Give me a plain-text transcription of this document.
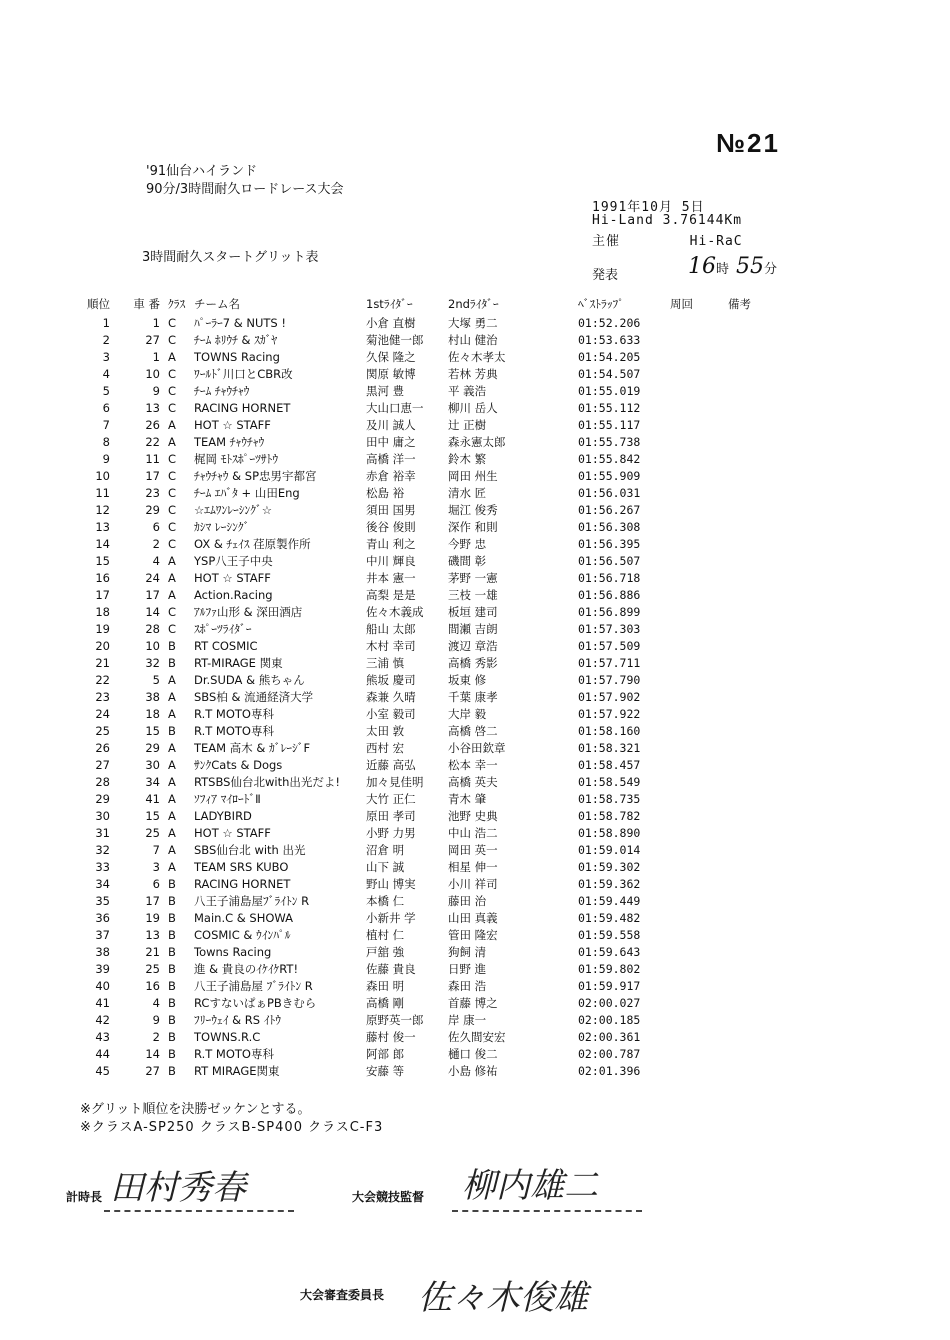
№21
'91仙台ハイランド
90分/3時間耐久ロードレース大会
1991年10月 5日
Hi-Land 3.76144Km
主催	Hi-RaC
3時間耐久スタートグリット表
発表	16時 55分
順位	車 番	ｸﾗｽ	チーム名	1stﾗｲﾀﾞｰ	2ndﾗｲﾀﾞｰ	ﾍﾞｽﾄﾗｯﾌﾟ	周回	備考
1	1	C	ﾊﾟｰﾗｰ7 & NUTS !	小倉 直樹	大塚 勇二	01:52.206		
2	27	C	ﾁｰﾑ ﾎﾘｳﾁ & ｽｶﾞﾔ	菊池健一郎	村山 健治	01:53.633		
3	1	A	TOWNS Racing	久保 隆之	佐々木孝太	01:54.205		
4	10	C	ﾜｰﾙﾄﾞ川口とCBR改	関原 敏博	若林 芳典	01:54.507		
5	9	C	ﾁｰﾑ ﾁｬｳﾁｬｳ	黒河 豊	平 義浩	01:55.019		
6	13	C	RACING HORNET	大山口恵一	柳川 岳人	01:55.112		
7	26	A	HOT ☆ STAFF	及川 誠人	辻 正樹	01:55.117		
8	22	A	TEAM ﾁｬｳﾁｬｳ	田中 庸之	森永憲太郎	01:55.738		
9	11	C	梶岡 ﾓﾄｽﾎﾟｰﾂｻﾄｳ	高橋 洋一	鈴木 繁	01:55.842		
10	17	C	ﾁｬｳﾁｬｳ & SP忠男宇都宮	赤倉 裕幸	岡田 州生	01:55.909		
11	23	C	ﾁｰﾑ ｴﾊﾞﾀ + 山田Eng	松島 裕	清水 匠	01:56.031		
12	29	C	☆ｴﾑﾜﾝﾚｰｼﾝｸﾞ☆	須田 国男	堀江 俊秀	01:56.267		
13	6	C	ｶｼﾏ ﾚｰｼﾝｸﾞ	後谷 俊則	深作 和則	01:56.308		
14	2	C	OX & ﾁｪｲｽ 荏原製作所	青山 利之	今野 忠	01:56.395		
15	4	A	YSP八王子中央	中川 輝良	磯間 彰	01:56.507		
16	24	A	HOT ☆ STAFF	井本 憲一	茅野 一憲	01:56.718		
17	17	A	Action.Racing	高梨 是是	三枝 一雄	01:56.886		
18	14	C	ｱﾙﾌｧ山形 & 深田酒店	佐々木義成	板垣 建司	01:56.899		
19	28	C	ｽﾎﾟｰﾂﾗｲﾀﾞｰ	船山 太郎	間瀬 吉朗	01:57.303		
20	10	B	RT COSMIC	木村 幸司	渡辺 章浩	01:57.509		
21	32	B	RT-MIRAGE 関東	三浦 慎	高橋 秀影	01:57.711		
22	5	A	Dr.SUDA & 熊ちゃん	熊坂 慶司	坂東 修	01:57.790		
23	38	A	SBS柏 & 流通経済大学	森兼 久晴	千葉 康孝	01:57.902		
24	18	A	R.T MOTO専科	小室 毅司	大岸 毅	01:57.922		
25	15	B	R.T MOTO専科	太田 敦	高橋 啓二	01:58.160		
26	29	A	TEAM 高木 & ｶﾞﾚｰｼﾞF	西村 宏	小谷田欽章	01:58.321		
27	30	A	ｻﾝｸCats & Dogs	近藤 高弘	松本 幸一	01:58.457		
28	34	A	RTSBS仙台北with出光だよ!	加々見佳明	高橋 英夫	01:58.549		
29	41	A	ｿﾌｨｱ ﾏｲﾛｰﾄﾞⅡ	大竹 正仁	青木 肇	01:58.735		
30	15	A	LADYBIRD	原田 孝司	池野 史典	01:58.782		
31	25	A	HOT ☆ STAFF	小野 力男	中山 浩二	01:58.890		
32	7	A	SBS仙台北 with 出光	沼倉 明	岡田 英一	01:59.014		
33	3	A	TEAM SRS KUBO	山下 誠	相星 伸一	01:59.302		
34	6	B	RACING HORNET	野山 博実	小川 祥司	01:59.362		
35	17	B	八王子浦島屋ﾌﾞﾗｲﾄﾝ R	本橋 仁	藤田 治	01:59.449		
36	19	B	Main.C & SHOWA	小新井 学	山田 真義	01:59.482		
37	13	B	COSMIC & ｳｲﾝﾊﾟﾙ	植村 仁	管田 隆宏	01:59.558		
38	21	B	Towns Racing	戸舘 強	狗飼 清	01:59.643		
39	25	B	進 & 貴良のｲｹｲｹRT!	佐藤 貴良	日野 進	01:59.802		
40	16	B	八王子浦島屋 ﾌﾞﾗｲﾄﾝ R	森田 明	森田 浩	01:59.917		
41	4	B	RCすないぱぁPBきむら	高橋 剛	首藤 博之	02:00.027		
42	9	B	ﾌﾘｰｳｪｲ & RS ｲﾄｳ	原野英一郎	岸 康一	02:00.185		
43	2	B	TOWNS.R.C	藤村 俊一	佐久間安宏	02:00.361		
44	14	B	R.T MOTO専科	阿部 郎	樋口 俊二	02:00.787		
45	27	B	RT MIRAGE関東	安藤 等	小島 修祐	02:01.396		
※グリット順位を決勝ゼッケンとする。
※クラスA-SP250 クラスB-SP400 クラスC-F3
計時長 田村秀春	大会競技監督 柳内雄二
大会審査委員長 佐々木俊雄
